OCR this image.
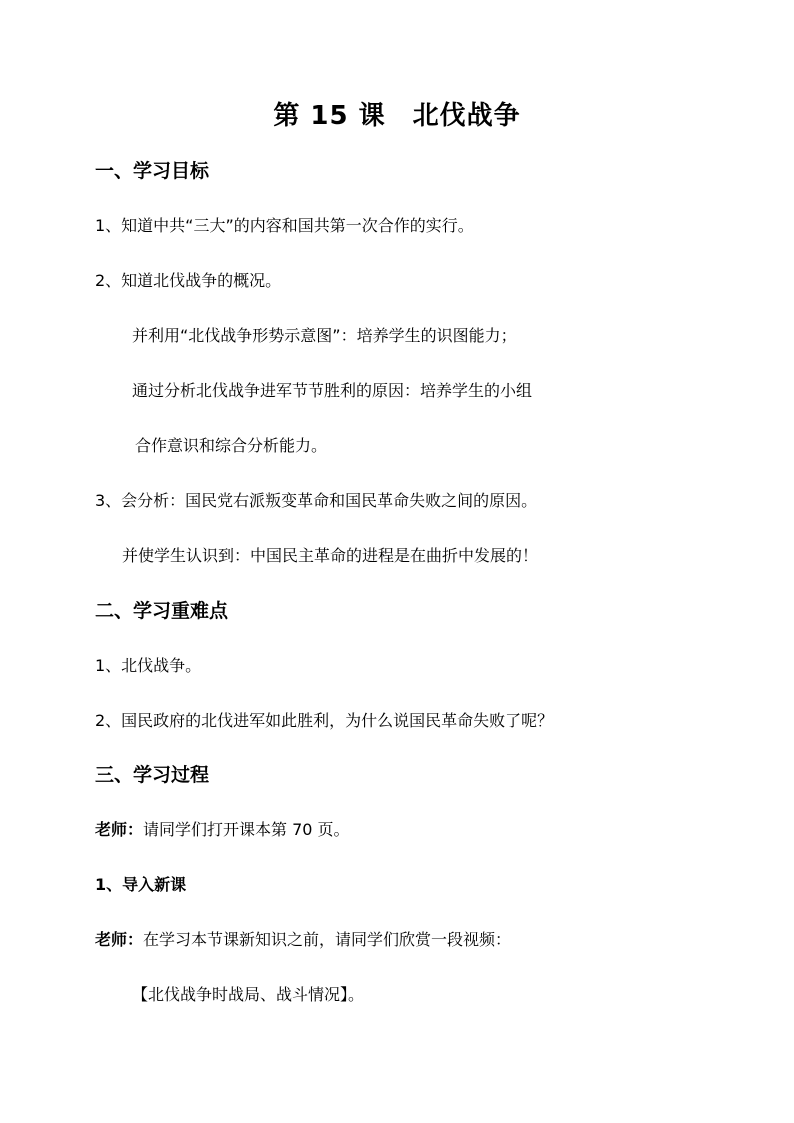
第 15 课　北伐战争
一、学习目标
1、知道中共“三大”的内容和国共第一次合作的实行。
2、知道北伐战争的概况。
并利用“北伐战争形势示意图”：培养学生的识图能力；
通过分析北伐战争进军节节胜利的原因：培养学生的小组
合作意识和综合分析能力。
3、会分析：国民党右派叛变革命和国民革命失败之间的原因。
并使学生认识到：中国民主革命的进程是在曲折中发展的！
二、学习重难点
1、北伐战争。
2、国民政府的北伐进军如此胜利，为什么说国民革命失败了呢？
三、学习过程
老师：请同学们打开课本第 70 页。
1、导入新课
老师：在学习本节课新知识之前，请同学们欣赏一段视频：
【北伐战争时战局、战斗情况】。
